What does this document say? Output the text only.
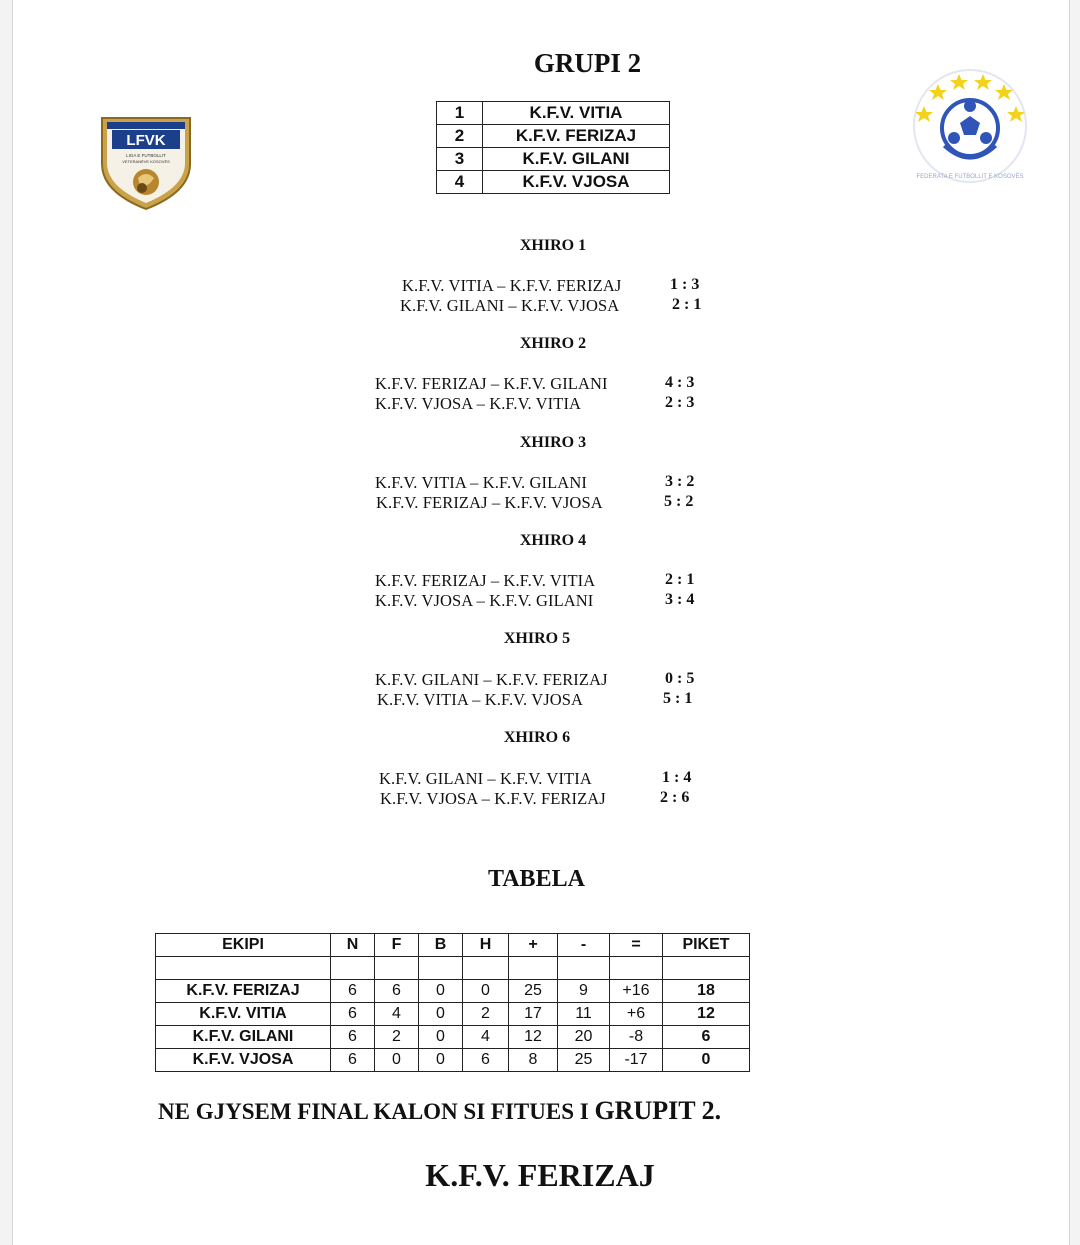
LFVK
LIGA E FUTBOLLIT
VETERANËVE KOSOVËS
FEDERATA E FUTBOLLIT E KOSOVËS
GRUPI 2
1	K.F.V. VITIA
2	K.F.V. FERIZAJ
3	K.F.V. GILANI
4	K.F.V. VJOSA
XHIRO 1
K.F.V. VITIA – K.F.V. FERIZAJ	1 : 3
K.F.V. GILANI – K.F.V. VJOSA	2 : 1
XHIRO 2
K.F.V. FERIZAJ – K.F.V. GILANI	4 : 3
K.F.V. VJOSA – K.F.V. VITIA	2 : 3
XHIRO 3
K.F.V. VITIA – K.F.V. GILANI	3 : 2
K.F.V. FERIZAJ – K.F.V. VJOSA	5 : 2
XHIRO 4
K.F.V. FERIZAJ – K.F.V. VITIA	2 : 1
K.F.V. VJOSA – K.F.V. GILANI	3 : 4
XHIRO 5
K.F.V. GILANI – K.F.V. FERIZAJ	0 : 5
K.F.V. VITIA – K.F.V. VJOSA	5 : 1
XHIRO 6
K.F.V. GILANI – K.F.V. VITIA	1 : 4
K.F.V. VJOSA – K.F.V. FERIZAJ	2 : 6
TABELA
EKIPI	N	F	B	H	+	-	=	PIKET

K.F.V. FERIZAJ	6	6	0	0	25	9	+16	18
K.F.V. VITIA	6	4	0	2	17	11	+6	12
K.F.V. GILANI	6	2	0	4	12	20	-8	6
K.F.V. VJOSA	6	0	0	6	8	25	-17	0
NE GJYSEM FINAL KALON SI FITUES I GRUPIT 2.
K.F.V. FERIZAJ
